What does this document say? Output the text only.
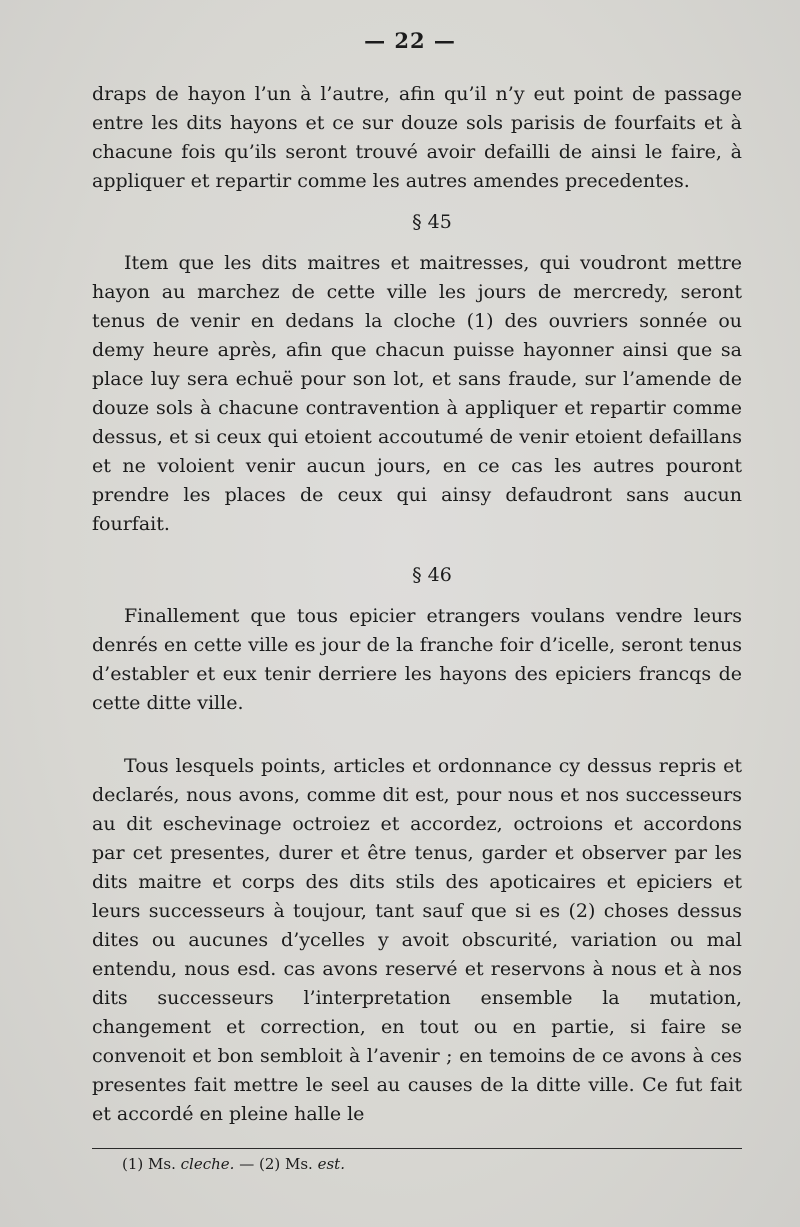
— 22 —

draps de hayon l’un à l’autre, afin qu’il n’y eut point de passage entre les dits hayons et ce sur douze sols parisis de fourfaits et à chacune fois qu’ils seront trouvé avoir defailli de ainsi le faire, à appliquer et repartir comme les autres amendes precedentes.

§ 45

Item que les dits maitres et maitresses, qui voudront mettre hayon au marchez de cette ville les jours de mercredy, seront tenus de venir en dedans la cloche (1) des ouvriers sonnée ou demy heure après, afin que chacun puisse hayonner ainsi que sa place luy sera echuë pour son lot, et sans fraude, sur l’amende de douze sols à chacune contravention à appliquer et repartir comme dessus, et si ceux qui etoient accoutumé de venir etoient defaillans et ne voloient venir aucun jours, en ce cas les autres pouront prendre les places de ceux qui ainsy defaudront sans aucun fourfait.

§ 46

Finallement que tous epicier etrangers voulans vendre leurs denrés en cette ville es jour de la franche foir d’icelle, seront tenus d’establer et eux tenir derriere les hayons des epiciers francqs de cette ditte ville.

Tous lesquels points, articles et ordonnance cy dessus repris et declarés, nous avons, comme dit est, pour nous et nos successeurs au dit eschevinage octroiez et accordez, octroions et accordons par cet presentes, durer et être tenus, garder et observer par les dits maitre et corps des dits stils des apoticaires et epiciers et leurs successeurs à toujour, tant sauf que si es (2) choses dessus dites ou aucunes d’ycelles y avoit obscurité, variation ou mal entendu, nous esd. cas avons reservé et reservons à nous et à nos dits successeurs l’interpretation ensemble la mutation, changement et correction, en tout ou en partie, si faire se convenoit et bon sembloit à l’avenir ; en temoins de ce avons à ces presentes fait mettre le seel au causes de la ditte ville. Ce fut fait et accordé en pleine halle le

(1) Ms. cleche. — (2) Ms. est.
